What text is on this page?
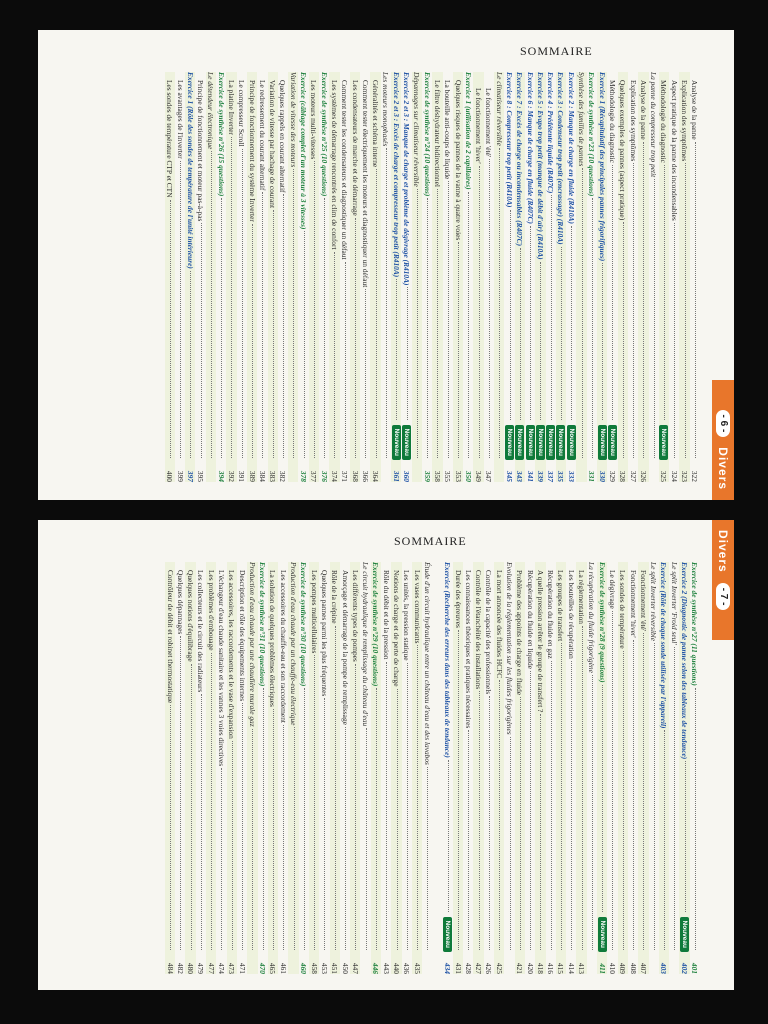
- 6 -
Divers
SOMMAIRE
Analyse de la panne
322
Explication des symptômes
323
Aspect pratique de la panne des incondensables
324
Méthodologie du diagnostic
Nouveau
325
La panne du compresseur trop petit
Analyse de la panne
326
Explication des symptômes
327
Quelques exemples de pannes (aspect pratique)
328
Méthodologie du diagnostic
Nouveau
329
Exercice 1 (Récapitulatif des principales pannes frigorifiques)
Nouveau
330
Exercice de synthèse n°23 (10 questions)
331
Synthèse des familles de pannes
Exercice 2 : Manque de charge en fluide (R410A)
Nouveau
333
Exercice 3 : Condenseur trop petit (encrassage) (R410A)
Nouveau
335
Exercice 4 : Prédétente liquide (R407C)
Nouveau
337
Exercice 5 : Evapo trop petit (manque de débit d'air) (R410A)
Nouveau
339
Exercice 6 : Manque de charge en fluide (R407C)
Nouveau
341
Exercice 7 : Excès de charge ou incondensables (R407C)
Nouveau
343
Exercice 8 : Compresseur trop petit (R410A)
Nouveau
345
Le climatiseur réversible
Le fonctionnement 'été'
347
Le fonctionnement 'hiver'
349
Exercice 1 (utilisation de 2 capillaires)
350
Quelques risques de pannes de la vanne à quatre voies
353
La bouteille anti-coups de liquide
355
Le filtre déshydrateur bidirectionnel
358
Exercice de synthèse n°24 (10 questions)
359
Dépannages sur climatiseur réversible
Exercice 2 et 3 : Manque de charge et problème de dégivrage (R410A)
Nouveau
360
Exercice 2 et 3 : Excès de charge et compresseur trop petit (R410A)
Nouveau
361
Les moteurs monophasés
Généralités et schéma interne
364
Comment tester électriquement les moteurs et diagnostiquer un défaut
366
Les condensateurs de marche et de démarrage
368
Comment tester les condensateurs et diagnostiquer un défaut
371
Les systèmes de démarrage rencontrés en clim de confort
374
Exercice de synthèse n°25 (10 questions)
376
Les moteurs multi-vitesses
377
Exercice (câblage complet d'un moteur à 3 vitesses)
378
Variation de vitesse des moteurs
Quelques rappels en courant alternatif
382
Variation de vitesse par hachage de courant
383
Le redressement du courant alternatif
384
Principe de fonctionnement du système Inverter
389
Le compresseur Scroll
391
La platine Inverter
392
Exercice de synthèse n°26 (15 questions)
394
Le détendeur électronique
Principe de fonctionnement et moteur pas-à-pas
395
Exercice 1 (Rôle des sondes de température de l'unité intérieure)
397
Les avantages de l'inverter
399
Les sondes de température CTP et CTN
400
Divers
- 7 -
SOMMAIRE
Exercice de synthèse n°27 (11 questions)
401
Exercice 2 (Diagnostic de panne selon des tableaux de tendance)
Nouveau
402
Le split Inverter 'Froid seul'
Exercice (Rôle de chaque sonde utilisée par l'appareil)
403
Le split Inverter réversible
Fonctionnement 'été'
407
Fonctionnement 'hiver'
408
Les sondes de température
409
Le dégivrage
410
Exercice de synthèse n°28 (9 questions)
Nouveau
411
La récupération du fluide frigorigène
La réglementation
413
Les bouteilles de récupération
414
Les groupes de transfert
415
Récupération du fluide en gaz
416
A quelle pression arrêter le groupe de transfert ?
418
Récupération du fluide en liquide
420
Problème des appoints de charge en fluide
421
Evolution de la réglementation sur les fluides frigorigènes
La mort annoncée des fluides HCFC
425
Contrôle de la capacité des professionnels
426
Contrôle de l'étanchéité des installations
427
Les connaissances théoriques et pratiques nécessaires
428
Durée des épreuves
431
Exercice (Recherche des erreurs dans des tableaux de tendance)
Nouveau
434
Étude d'un circuit hydraulique entre un château d'eau et des lavabos
Les vases communicants
435
Les unités, la pression statique
436
Notions de charge et de perte de charge
440
Rôle du débit et de la pression
443
Exercice de synthèse n°29 (10 questions)
446
Le circuit hydraulique de remplissage du château d'eau
Les différents types de pompes
447
Amorçage et démarrage de la pompe de remplissage
450
Rôle de la crépine
451
Quelques pannes parmi les plus fréquentes
453
Les pompes multicellulaires
458
Exercice de synthèse n°30 (10 questions)
460
Production d'eau chaude par un chauffe-eau électrique
Les accessoires du chauffe-eau et son raccordement
461
La solution de quelques problèmes électriques
465
Exercice de synthèse n°31 (10 questions)
470
Production d'eau chaude par une chaudière murale gaz
Description et rôle des équipements internes
471
Les accessoires, les raccordements et le vase d'expansion
473
L'échangeur d'eau chaude sanitaire et les vannes 3 voies directives
474
Les problèmes d'embouage
477
Les collecteurs et le circuit des radiateurs
479
Quelques notions d'équilibrage
480
Quelques dépannages
482
Contrôleur de débit et robinet thermostatique
484
